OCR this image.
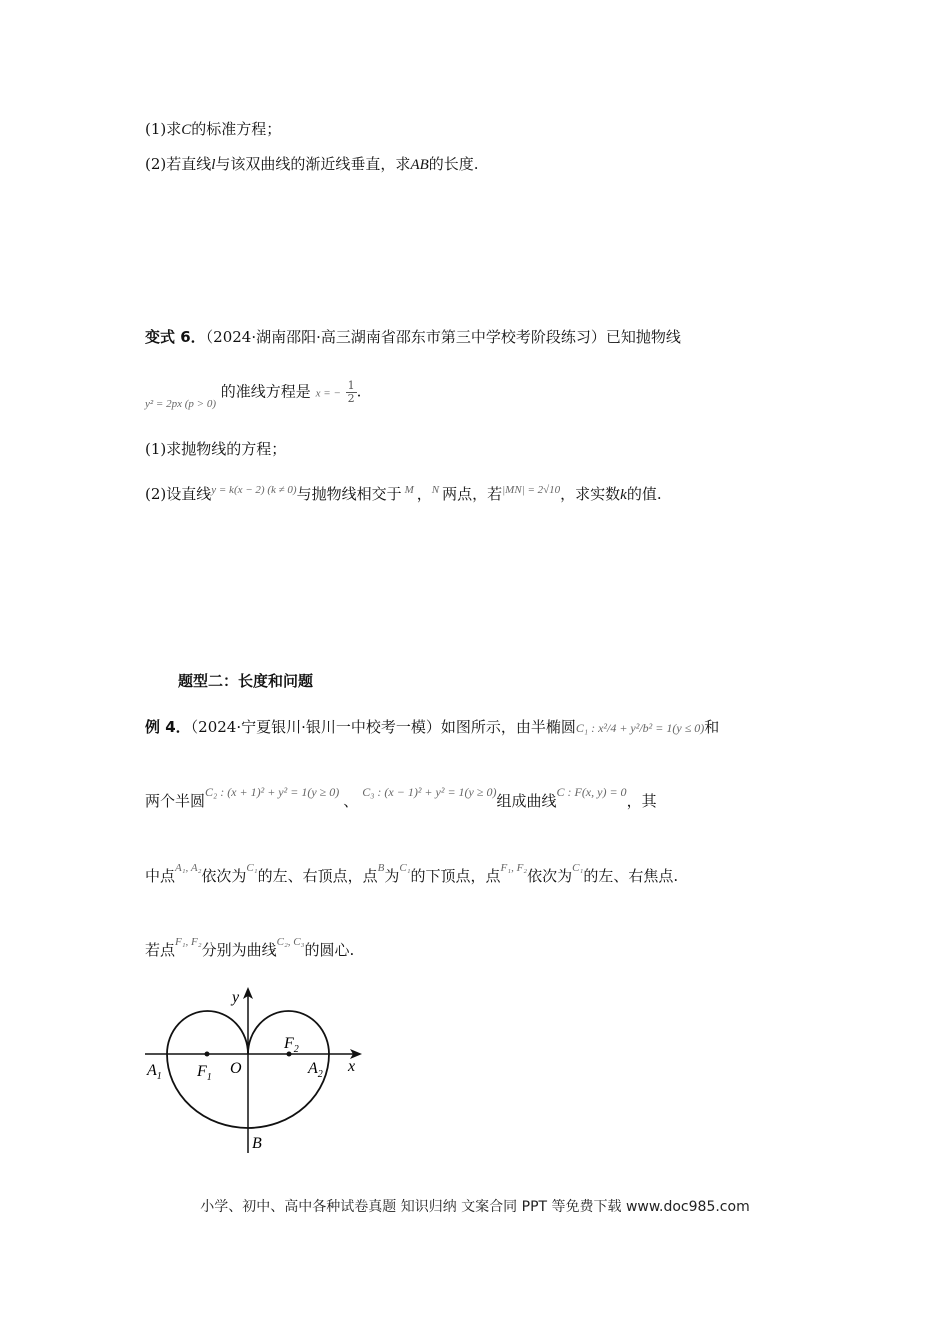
(1)求C的标准方程；
(2)若直线l与该双曲线的渐近线垂直，求AB的长度.
变式 6．（2024·湖南邵阳·高三湖南省邵东市第三中学校考阶段练习）已知抛物线
$_{y^2 = 2px (p > 0)}$ 的准线方程是 x = − $\frac{1}{2}$ .
(1)求抛物线的方程；
(2)设直线$^{y = k(x - 2) (k \ne 0)}$与抛物线相交于 $^M$ ，$^N$ 两点，若$^{|MN| = 2√10}$，求实数k的值.
题型二：长度和问题
例 4．（2024·宁夏银川·银川一中校考一模）如图所示，由半椭圆C₁ : x²/4 + y²/b² = 1(y ≤ 0)和
两个半圆$^{C_2 : (x + 1)^2 + y^2 = 1(y \ge 0)}$ 、 $^{C_3 : (x - 1)^2 + y^2 = 1(y \ge 0)}$组成曲线$^{C : F(x, y) = 0}$，其
中点$^{A_1, A_2}$依次为$^{C_1}$的左、右顶点，点$^B$为$^{C_1}$的下顶点，点$^{F_1, F_2}$依次为$^{C_1}$的左、右焦点.
若点$^{F_1, F_2}$分别为曲线$^{C_2, C_3}$的圆心.
y
x
O
$A_1$ $F_1$
$F_2$
$A_2$
B
小学、初中、高中各种试卷真题 知识归纳 文案合同 PPT 等免费下载 www.doc985.com
